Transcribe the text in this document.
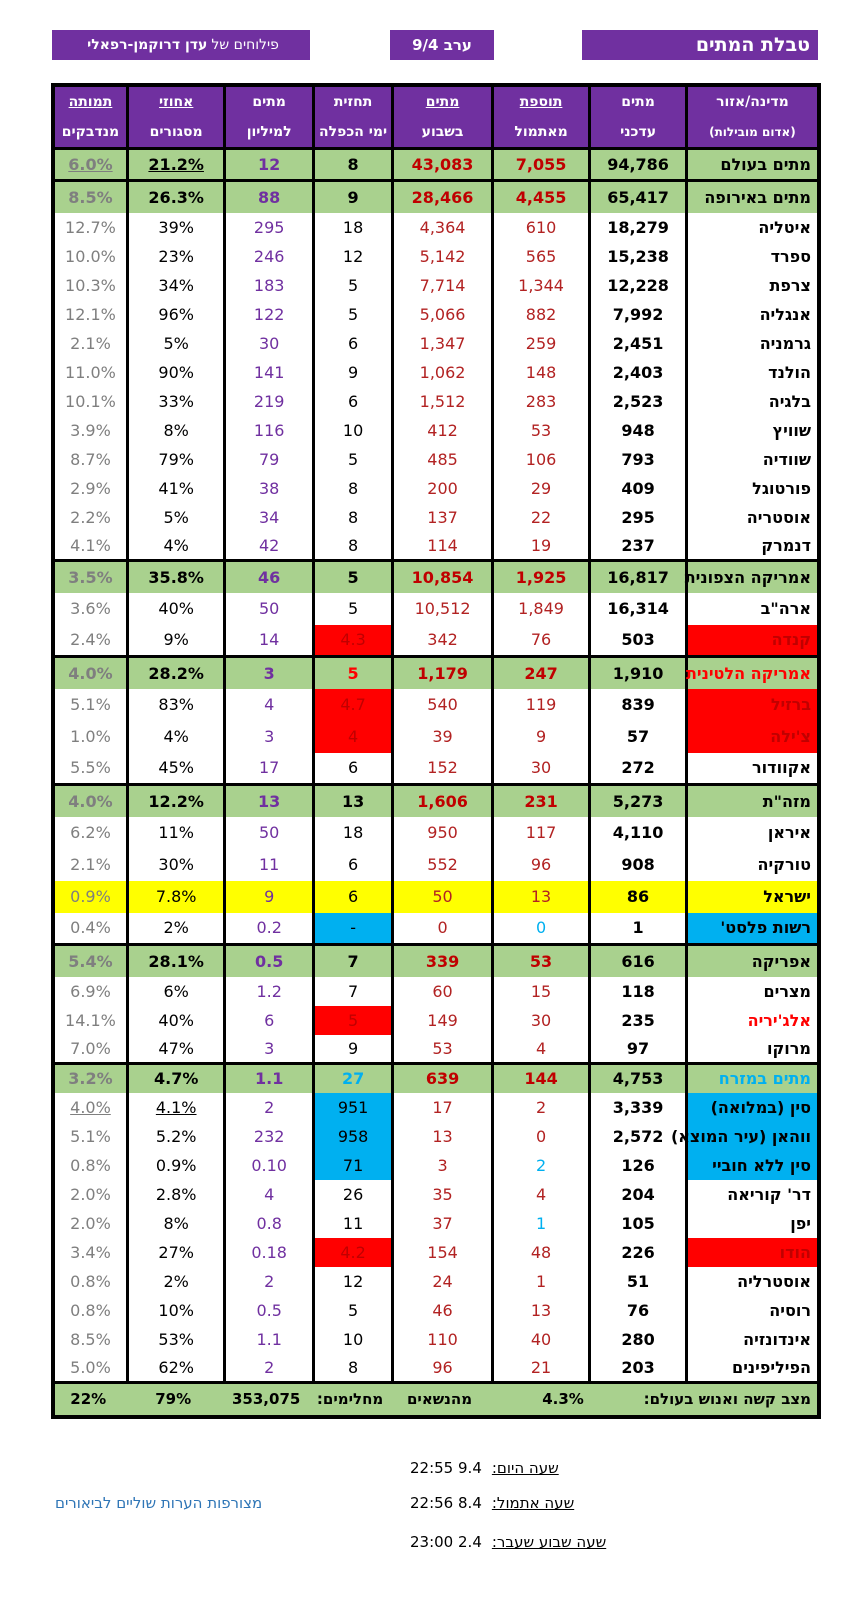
טבלת המתים
ערב 9/4
פילוחים של
עדן דרוקמן-רפאלי
מדינה/אזור	מתים	תוספת	מתים	תחזית	מתים	אחוזי	תמותה
(אדום מובילות)	עדכני	מאתמול	בשבוע	ימי הכפלה	למיליון	מסגורים	מנדבקים
מתים בעולם	94,786	7,055	43,083	8	12	21.2%	6.0%
מתים באירופה	65,417	4,455	28,466	9	88	26.3%	8.5%
איטליה	18,279	610	4,364	18	295	39%	12.7%
ספרד	15,238	565	5,142	12	246	23%	10.0%
צרפת	12,228	1,344	7,714	5	183	34%	10.3%
אנגליה	7,992	882	5,066	5	122	96%	12.1%
גרמניה	2,451	259	1,347	6	30	5%	2.1%
הולנד	2,403	148	1,062	9	141	90%	11.0%
בלגיה	2,523	283	1,512	6	219	33%	10.1%
שוויץ	948	53	412	10	116	8%	3.9%
שוודיה	793	106	485	5	79	79%	8.7%
פורטוגל	409	29	200	8	38	41%	2.9%
אוסטריה	295	22	137	8	34	5%	2.2%
דנמרק	237	19	114	8	42	4%	4.1%
אמריקה הצפונית	16,817	1,925	10,854	5	46	35.8%	3.5%
ארה"ב	16,314	1,849	10,512	5	50	40%	3.6%
קנדה	503	76	342	4.3	14	9%	2.4%
אמריקה הלטינית	1,910	247	1,179	5	3	28.2%	4.0%
ברזיל	839	119	540	4.7	4	83%	5.1%
צ'ילה	57	9	39	4	3	4%	1.0%
אקוודור	272	30	152	6	17	45%	5.5%
מזה"ת	5,273	231	1,606	13	13	12.2%	4.0%
איראן	4,110	117	950	18	50	11%	6.2%
טורקיה	908	96	552	6	11	30%	2.1%
ישראל	86	13	50	6	9	7.8%	0.9%
רשות פלסט'	1	0	0	-	0.2	2%	0.4%
אפריקה	616	53	339	7	0.5	28.1%	5.4%
מצרים	118	15	60	7	1.2	6%	6.9%
אלג'יריה	235	30	149	5	6	40%	14.1%
מרוקו	97	4	53	9	3	47%	7.0%
מתים במזרח	4,753	144	639	27	1.1	4.7%	3.2%
סין (במלואה)	3,339	2	17	951	2	4.1%	4.0%
ווהאן (עיר המוצא)	2,572	0	13	958	232	5.2%	5.1%
סין ללא חוביי	126	2	3	71	0.10	0.9%	0.8%
דר' קוריאה	204	4	35	26	4	2.8%	2.0%
יפן	105	1	37	11	0.8	8%	2.0%
הודו	226	48	154	4.2	0.18	27%	3.4%
אוסטרליה	51	1	24	12	2	2%	0.8%
רוסיה	76	13	46	5	0.5	10%	0.8%
אינדונזיה	280	40	110	10	1.1	53%	8.5%
הפיליפינים	203	21	96	8	2	62%	5.0%
מצב קשה ואנוש בעולם:		4.3%	מהנשאים	מחלימים:	353,075	79%	22%
שעה היום:9.4 22:55
שעה אתמול:8.4 22:56
שעה שבוע שעבר:2.4 23:00
מצורפות הערות שוליים לביאורים
